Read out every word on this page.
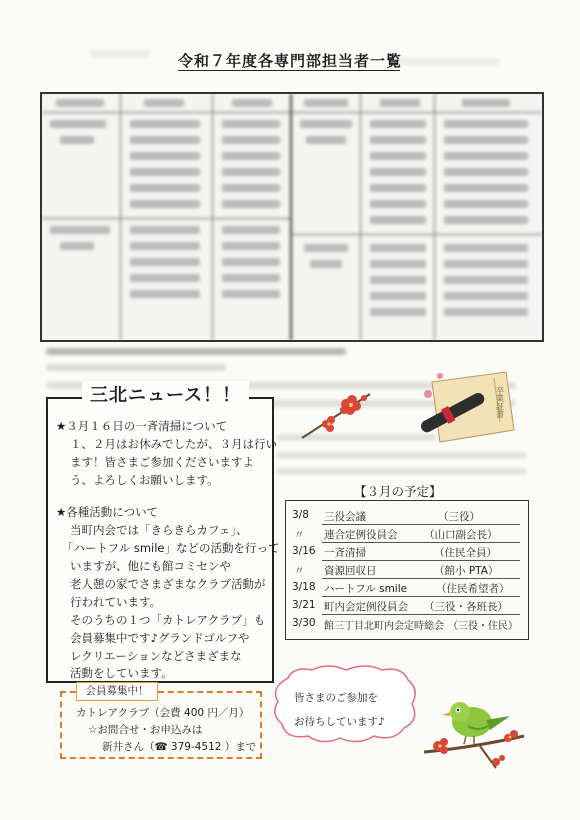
令和７年度各専門部担当者一覧
卒業証書
三北ニュース！！
★３月１６日の一斉清掃について
１、２月はお休みでしたが、３月は行い
ます！皆さまご参加くださいますよ
う、よろしくお願いします。
★各種活動について
当町内会では「きらきらカフェ」、
「ハートフル smile」などの活動を行って
いますが、他にも館コミセンや
老人憩の家でさまざまなクラブ活動が
行われています。
そのうちの１つ「カトレアクラブ」も
会員募集中です♪グランドゴルフや
レクリエーションなどさまざまな
活動をしています。
カトレアクラブ（会費 400 円／月）
☆お問合せ・お申込みは
新井さん（☎ 379-4512 ）まで
会員募集中！
【３月の予定】
3/8 三役会議	（三役）
〃 連合定例役員会	（山口副会長）
3/16 一斉清掃	（住民全員）
〃 資源回収日	（館小 PTA）
3/18 ハートフル smile	（住民希望者）
3/21 町内会定例役員会 （三役・各班長）
3/30 館三丁目北町内会定時総会 （三役・住民）
皆さまのご参加を
お待ちしています♪
